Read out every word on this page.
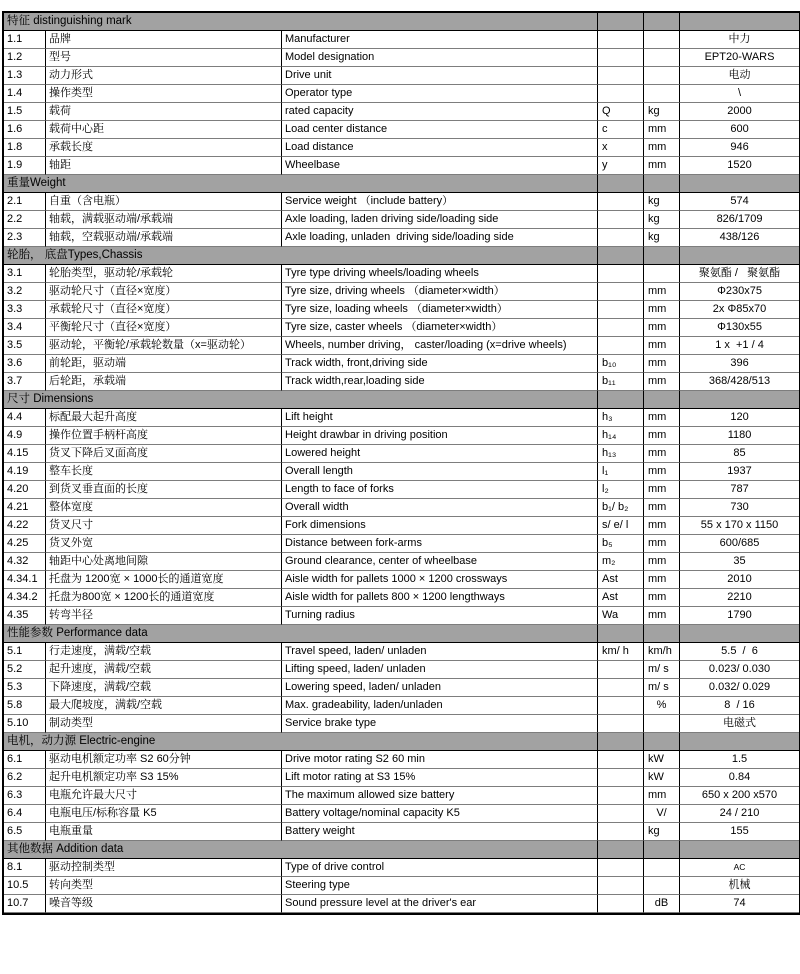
特征 distinguishing mark					
1.1	品牌	Manufacturer			中力
1.2	型号	Model designation			EPT20-WARS
1.3	动力形式	Drive unit			电动
1.4	操作类型	Operator type			\
1.5	载荷	rated capacity	Q	kg	2000
1.6	载荷中心距	Load center distance	c	mm	600
1.8	承载长度	Load distance	x	mm	946
1.9	轴距	Wheelbase	y	mm	1520
重量Weight					
2.1	自重（含电瓶）	Service weight （include battery）		kg	574
2.2	轴载，满载驱动端/承载端	Axle loading, laden driving side/loading side		kg	826/1709
2.3	轴载，空载驱动端/承载端	Axle loading, unladen  driving side/loading side		kg	438/126
轮胎， 底盘Types,Chassis					
3.1	轮胎类型，驱动轮/承载轮	Tyre type driving wheels/loading wheels			聚氨酯 /   聚氨酯
3.2	驱动轮尺寸（直径×宽度）	Tyre size, driving wheels （diameter×width）		mm	Φ230x75
3.3	承载轮尺寸（直径×宽度）	Tyre size, loading wheels （diameter×width）		mm	2x Φ85x70
3.4	平衡轮尺寸（直径×宽度）	Tyre size, caster wheels （diameter×width）		mm	Φ130x55
3.5	驱动轮，平衡轮/承载轮数量（x=驱动轮）	Wheels, number driving， caster/loading (x=drive wheels)		mm	1 x  +1 / 4
3.6	前轮距，驱动端	Track width, front,driving side	b₁₀	mm	396
3.7	后轮距，承载端	Track width,rear,loading side	b₁₁	mm	368/428/513
尺寸 Dimensions					
4.4	标配最大起升高度	Lift height	h₃	mm	120
4.9	操作位置手柄杆高度	Height drawbar in driving position	h₁₄	mm	1180
4.15	货叉下降后叉面高度	Lowered height	h₁₃	mm	85
4.19	整车长度	Overall length	l₁	mm	1937
4.20	到货叉垂直面的长度	Length to face of forks	l₂	mm	787
4.21	整体宽度	Overall width	b₁/ b₂	mm	730
4.22	货叉尺寸	Fork dimensions	s/ e/ l	mm	55 x 170 x 1150
4.25	货叉外宽	Distance between fork-arms	b₅	mm	600/685
4.32	轴距中心处离地间隙	Ground clearance, center of wheelbase	m₂	mm	35
4.34.1	托盘为 1200宽 × 1000长的通道宽度	Aisle width for pallets 1000 × 1200 crossways	Ast	mm	2010
4.34.2	托盘为800宽 × 1200长的通道宽度	Aisle width for pallets 800 × 1200 lengthways	Ast	mm	2210
4.35	转弯半径	Turning radius	Wa	mm	1790
性能参数 Performance data					
5.1	行走速度，满载/空载	Travel speed, laden/ unladen	km/ h	km/h	5.5  /  6
5.2	起升速度，满载/空载	Lifting speed, laden/ unladen		m/ s	0.023/ 0.030
5.3	下降速度，满载/空载	Lowering speed, laden/ unladen		m/ s	0.032/ 0.029
5.8	最大爬坡度，满载/空载	Max. gradeability, laden/unladen		%	8  / 16
5.10	制动类型	Service brake type			电磁式
电机，动力源 Electric-engine					
6.1	驱动电机额定功率 S2 60分钟	Drive motor rating S2 60 min		kW	1.5
6.2	起升电机额定功率 S3 15%	Lift motor rating at S3 15%		kW	0.84
6.3	电瓶允许最大尺寸	The maximum allowed size battery		mm	650 x 200 x570
6.4	电瓶电压/标称容量 K5	Battery voltage/nominal capacity K5		V/	24 / 210
6.5	电瓶重量	Battery weight		kg	155
其他数据 Addition data					
8.1	驱动控制类型	Type of drive control			AC
10.5	转向类型	Steering type			机械
10.7	噪音等级	Sound pressure level at the driver's ear		dB	74
